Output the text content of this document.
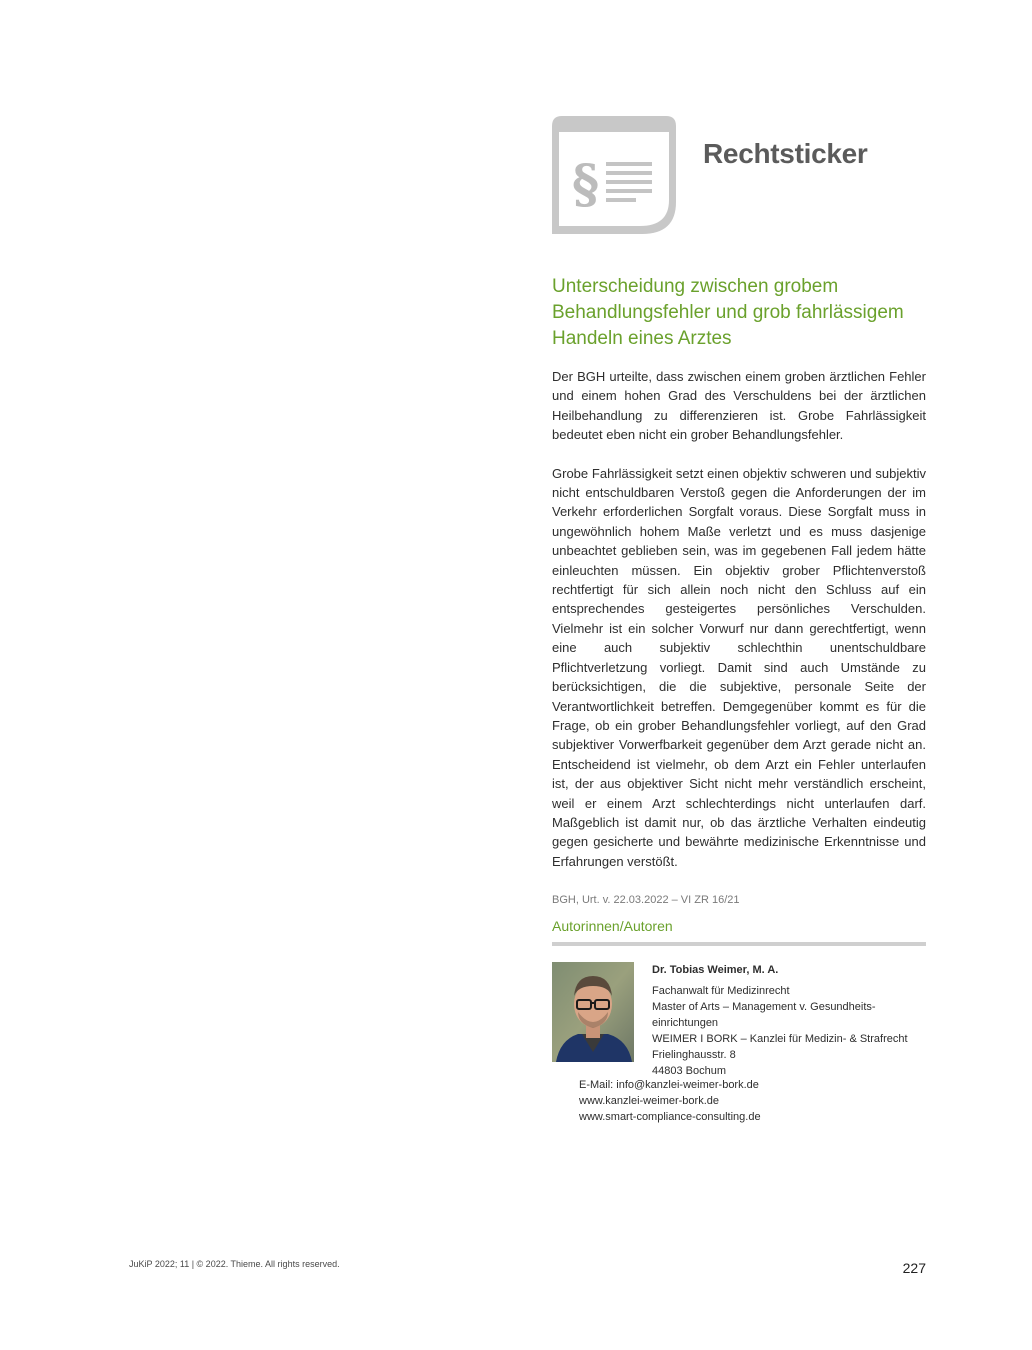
§
Rechtsticker
Unterscheidung zwischen grobem Behandlungsfehler und grob fahrlässigem Handeln eines Arztes

Der BGH urteilte, dass zwischen einem groben ärztlichen Fehler und einem hohen Grad des Verschuldens bei der ärztlichen Heilbehandlung zu differenzieren ist. Grobe Fahrlässigkeit bedeutet eben nicht ein grober Behandlungsfehler.

Grobe Fahrlässigkeit setzt einen objektiv schweren und subjektiv nicht entschuldbaren Verstoß gegen die Anforderungen der im Verkehr erforderlichen Sorgfalt voraus. Diese Sorgfalt muss in ungewöhnlich hohem Maße verletzt und es muss dasjenige unbeachtet geblieben sein, was im gegebenen Fall jedem hätte einleuchten müssen. Ein objektiv grober Pflichtenverstoß rechtfertigt für sich allein noch nicht den Schluss auf ein entsprechendes gesteigertes persönliches Verschulden. Vielmehr ist ein solcher Vorwurf nur dann gerechtfertigt, wenn eine auch subjektiv schlechthin unentschuldbare Pflichtverletzung vorliegt. Damit sind auch Umstände zu berücksichtigen, die die subjektive, personale Seite der Verantwortlichkeit betreffen. Demgegenüber kommt es für die Frage, ob ein grober Behandlungsfehler vorliegt, auf den Grad subjektiver Vorwerfbarkeit gegenüber dem Arzt gerade nicht an. Entscheidend ist vielmehr, ob dem Arzt ein Fehler unterlaufen ist, der aus objektiver Sicht nicht mehr verständlich erscheint, weil er einem Arzt schlechterdings nicht unterlaufen darf. Maßgeblich ist damit nur, ob das ärztliche Verhalten eindeutig gegen gesicherte und bewährte medizinische Erkenntnisse und Erfahrungen verstößt.

BGH, Urt. v. 22.03.2022 – VI ZR 16/21

Autorinnen/Autoren

Dr. Tobias Weimer, M. A.

Fachanwalt für Medizinrecht

Master of Arts – Management v. Gesundheits-

einrichtungen

WEIMER I BORK – Kanzlei für Medizin- & Strafrecht

Frielinghausstr. 8

44803 Bochum

E-Mail: info@kanzlei-weimer-bork.de

www.kanzlei-weimer-bork.de

www.smart-compliance-consulting.de

JuKiP 2022; 11 | © 2022. Thieme. All rights reserved.	227
